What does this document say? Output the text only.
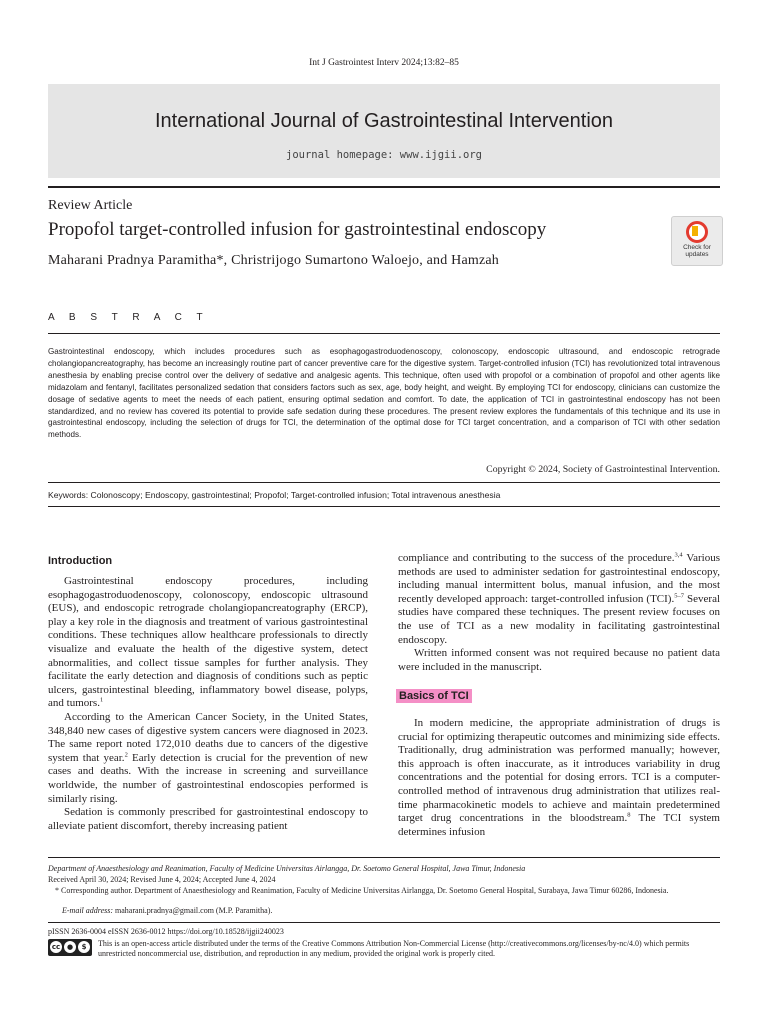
Int J Gastrointest Interv 2024;13:82–85
International Journal of Gastrointestinal Intervention
journal homepage: www.ijgii.org
Review Article
Propofol target-controlled infusion for gastrointestinal endoscopy
Maharani Pradnya Paramitha*, Christrijogo Sumartono Waloejo, and Hamzah
Check for
updates
A B S T R A C T
Gastrointestinal endoscopy, which includes procedures such as esophagogastroduodenoscopy, colonoscopy, endoscopic ultrasound, and endoscopic retrograde cholangiopancreatography, has become an increasingly routine part of cancer preventive care for the digestive system. Target-controlled infusion (TCI) has revolutionized total intravenous anesthesia by enabling precise control over the delivery of sedative and analgesic agents. This technique, often used with propofol or a combination of propofol and other agents like midazolam and fentanyl, facilitates personalized sedation that considers factors such as sex, age, body height, and weight. By employing TCI for endoscopy, clinicians can customize the dosage of sedative agents to meet the needs of each patient, ensuring optimal sedation and comfort. To date, the application of TCI in gastrointestinal endoscopy has not been standardized, and no review has covered its potential to provide safe sedation during these procedures. The present review explores the fundamentals of this technique and its use in gastrointestinal endoscopy, including the selection of drugs for TCI, the determination of the optimal dose for TCI target concentration, and a comparison of TCI with other sedation methods.
Copyright © 2024, Society of Gastrointestinal Intervention.
Keywords: Colonoscopy; Endoscopy, gastrointestinal; Propofol; Target-controlled infusion; Total intravenous anesthesia
Introduction

Gastrointestinal endoscopy procedures, including esophagogastroduodenoscopy, colonoscopy, endoscopic ultrasound (EUS), and endoscopic retrograde cholangiopancreatography (ERCP), play a key role in the diagnosis and treatment of various gastrointestinal conditions. These techniques allow healthcare professionals to directly visualize and evaluate the health of the digestive system, detect abnormalities, and collect tissue samples for further analysis. They facilitate the early detection and diagnosis of conditions such as peptic ulcers, gastrointestinal bleeding, inflammatory bowel disease, polyps, and tumors.$^1$

According to the American Cancer Society, in the United States, 348,840 new cases of digestive system cancers were diagnosed in 2023. The same report noted 172,010 deaths due to cancers of the digestive system that year.$^2$ Early detection is crucial for the prevention of new cases and deaths. With the increase in screening and surveillance worldwide, the number of gastrointestinal endoscopies performed is similarly rising.

Sedation is commonly prescribed for gastrointestinal endoscopy to alleviate patient discomfort, thereby increasing patient

compliance and contributing to the success of the procedure.$^{3,4}$ Various methods are used to administer sedation for gastrointestinal endoscopy, including manual intermittent bolus, manual infusion, and the most recently developed approach: target-controlled infusion (TCI).$^{5-7}$ Several studies have compared these techniques. The present review focuses on the use of TCI as a new modality in facilitating gastrointestinal endoscopy.

Written informed consent was not required because no patient data were included in the manuscript.

Basics of TCI

In modern medicine, the appropriate administration of drugs is crucial for optimizing therapeutic outcomes and minimizing side effects. Traditionally, drug administration was performed manually; however, this approach is often inaccurate, as it introduces variability in drug concentrations and the potential for dosing errors. TCI is a computer-controlled method of intravenous drug administration that utilizes real-time pharmacokinetic models to achieve and maintain predetermined target drug concentrations in the bloodstream.$^8$ The TCI system determines infusion

Department of Anaesthesiology and Reanimation, Faculty of Medicine Universitas Airlangga, Dr. Soetomo General Hospital, Jawa Timur, Indonesia
Received April 30, 2024; Revised June 4, 2024; Accepted June 4, 2024
* Corresponding author. Department of Anaesthesiology and Reanimation, Faculty of Medicine Universitas Airlangga, Dr. Soetomo General Hospital, Surabaya, Jawa Timur 60286, Indonesia.
E-mail address: maharani.pradnya@gmail.com (M.P. Paramitha).
pISSN 2636-0004 eISSN 2636-0012 https://doi.org/10.18528/ijgii240023
cc ●	$	This is an open-access article distributed under the terms of the Creative Commons Attribution Non-Commercial License (http://creativecommons.org/licenses/by-nc/4.0) which permits unrestricted noncommercial use, distribution, and reproduction in any medium, provided the original work is properly cited.
